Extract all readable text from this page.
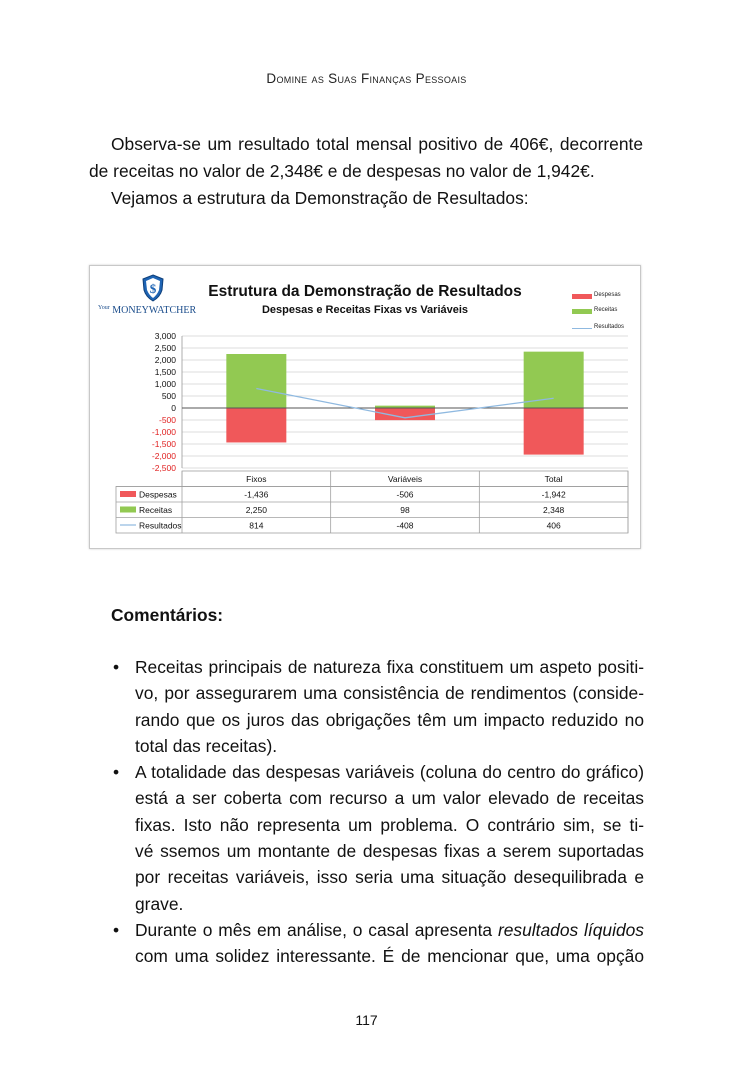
Domine as Suas Finanças Pessoais

Observa-se um resultado total mensal positivo de 406€, decorrente

de receitas no valor de 2,348€ e de despesas no valor de 1,942€.

Vejamos a estrutura da Demonstração de Resultados:

$
$^{Your}$ MONEYWATCHER
Estrutura da Demonstração de Resultados
Despesas e Receitas Fixas vs Variáveis
Despesas
Receitas
Resultados
3,000
2,500
2,000
1,500
1,000
500
0
-500
-1,000
-1,500
-2,000
-2,500
Fixos	Variáveis	Total
Despesas	-1,436	-506	-1,942
Receitas	2,250	98	2,348
Resultados	814	-408	406
Comentários:
• Receitas principais de natureza fixa constituem um aspeto positi-
vo, por assegurarem uma consistência de rendimentos (conside-
rando que os juros das obrigações têm um impacto reduzido no
total das receitas).
• A totalidade das despesas variáveis (coluna do centro do gráfico)
está a ser coberta com recurso a um valor elevado de receitas
fixas. Isto não representa um problema. O contrário sim, se ti-
vé ssemos um montante de despesas fixas a serem suportadas
por receitas variáveis, isso seria uma situação desequilibrada e
grave.
• Durante o mês em análise, o casal apresenta resultados líquidos
com uma solidez interessante. É de mencionar que, uma opção
117
